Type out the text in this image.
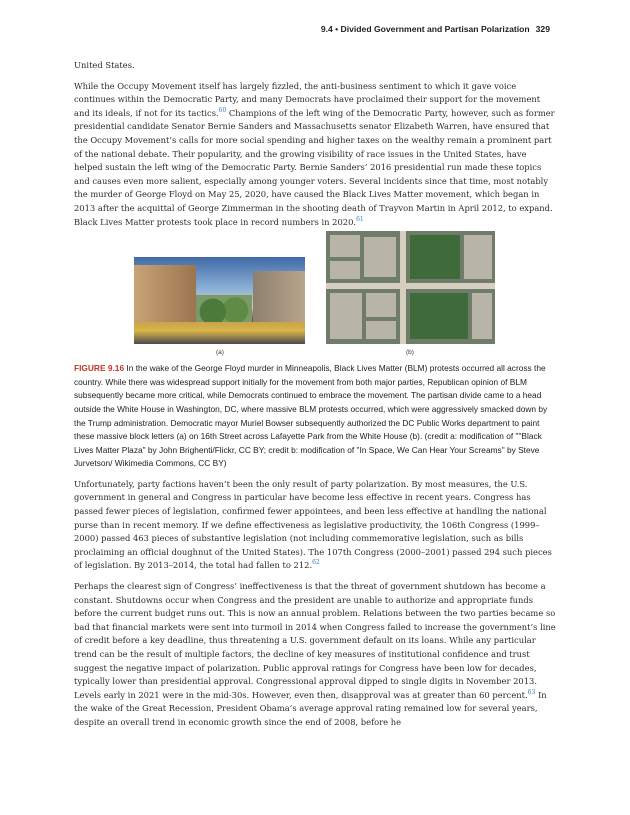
9.4 • Divided Government and Partisan Polarization 329

United States.

While the Occupy Movement itself has largely fizzled, the anti-business sentiment to which it gave voice continues within the Democratic Party, and many Democrats have proclaimed their support for the movement and its ideals, if not for its tactics.$^{60}$ Champions of the left wing of the Democratic Party, however, such as former presidential candidate Senator Bernie Sanders and Massachusetts senator Elizabeth Warren, have ensured that the Occupy Movement’s calls for more social spending and higher taxes on the wealthy remain a prominent part of the national debate. Their popularity, and the growing visibility of race issues in the United States, have helped sustain the left wing of the Democratic Party. Bernie Sanders’ 2016 presidential run made these topics and causes even more salient, especially among younger voters. Several incidents since that time, most notably the murder of George Floyd on May 25, 2020, have caused the Black Lives Matter movement, which began in 2013 after the acquittal of George Zimmerman in the shooting death of Trayvon Martin in April 2012, to expand. Black Lives Matter protests took place in record numbers in 2020.61

(a)	(b)

FIGURE 9.16 In the wake of the George Floyd murder in Minneapolis, Black Lives Matter (BLM) protests occurred all across the country. While there was widespread support initially for the movement from both major parties, Republican opinion of BLM subsequently became more critical, while Democrats continued to embrace the movement. The partisan divide came to a head outside the White House in Washington, DC, where massive BLM protests occurred, which were aggressively smacked down by the Trump administration. Democratic mayor Muriel Bowser subsequently authorized the DC Public Works department to paint these massive block letters (a) on 16th Street across Lafayette Park from the White House (b). (credit a: modification of ""Black Lives Matter Plaza" by John Brighenti/Flickr, CC BY; credit b: modification of "In Space, We Can Hear Your Screams" by Steve Jurvetson/ Wikimedia Commons, CC BY)

Unfortunately, party factions haven’t been the only result of party polarization. By most measures, the U.S. government in general and Congress in particular have become less effective in recent years. Congress has passed fewer pieces of legislation, confirmed fewer appointees, and been less effective at handling the national purse than in recent memory. If we define effectiveness as legislative productivity, the 106th Congress (1999–2000) passed 463 pieces of substantive legislation (not including commemorative legislation, such as bills proclaiming an official doughnut of the United States). The 107th Congress (2000–2001) passed 294 such pieces of legislation. By 2013–2014, the total had fallen to 212.62

Perhaps the clearest sign of Congress’ ineffectiveness is that the threat of government shutdown has become a constant. Shutdowns occur when Congress and the president are unable to authorize and appropriate funds before the current budget runs out. This is now an annual problem. Relations between the two parties became so bad that financial markets were sent into turmoil in 2014 when Congress failed to increase the government’s line of credit before a key deadline, thus threatening a U.S. government default on its loans. While any particular trend can be the result of multiple factors, the decline of key measures of institutional confidence and trust suggest the negative impact of polarization. Public approval ratings for Congress have been low for decades, typically lower than presidential approval. Congressional approval dipped to single digits in November 2013. Levels early in 2021 were in the mid-30s. However, even then, disapproval was at greater than 60 percent.$^{63}$ In the wake of the Great Recession, President Obama’s average approval rating remained low for several years, despite an overall trend in economic growth since the end of 2008, before he
